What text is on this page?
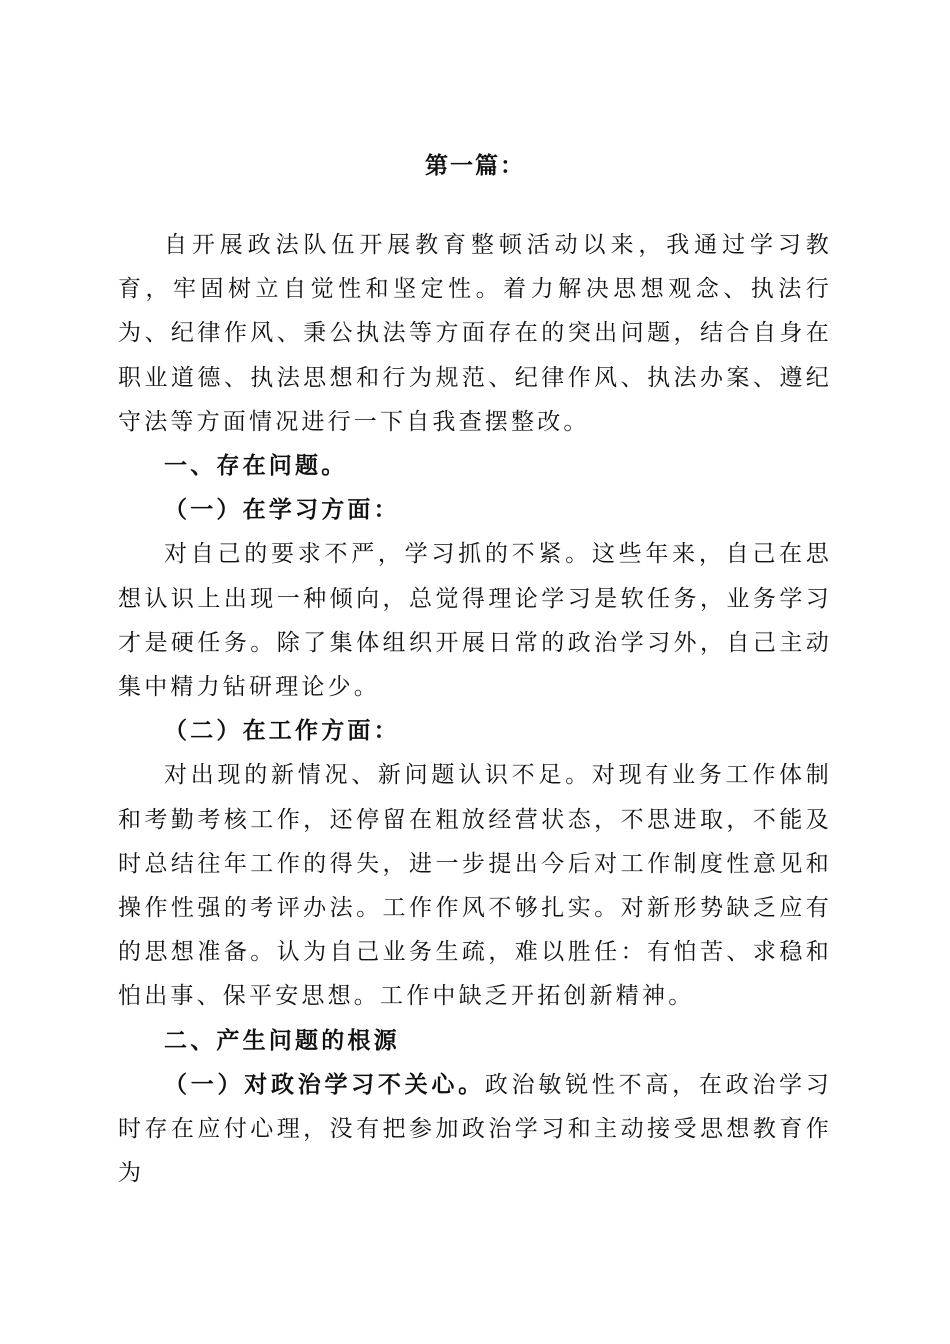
第一篇：

自开展政法队伍开展教育整顿活动以来，我通过学习教育，牢固树立自觉性和坚定性。着力解决思想观念、执法行为、纪律作风、秉公执法等方面存在的突出问题，结合自身在职业道德、执法思想和行为规范、纪律作风、执法办案、遵纪守法等方面情况进行一下自我查摆整改。

一、存在问题。

（一）在学习方面：

对自己的要求不严，学习抓的不紧。这些年来，自己在思想认识上出现一种倾向，总觉得理论学习是软任务，业务学习才是硬任务。除了集体组织开展日常的政治学习外，自己主动集中精力钻研理论少。

（二）在工作方面：

对出现的新情况、新问题认识不足。对现有业务工作体制和考勤考核工作，还停留在粗放经营状态，不思进取，不能及时总结往年工作的得失，进一步提出今后对工作制度性意见和操作性强的考评办法。工作作风不够扎实。对新形势缺乏应有的思想准备。认为自己业务生疏，难以胜任：有怕苦、求稳和怕出事、保平安思想。工作中缺乏开拓创新精神。

二、产生问题的根源

（一）对政治学习不关心。政治敏锐性不高，在政治学习时存在应付心理，没有把参加政治学习和主动接受思想教育作为
